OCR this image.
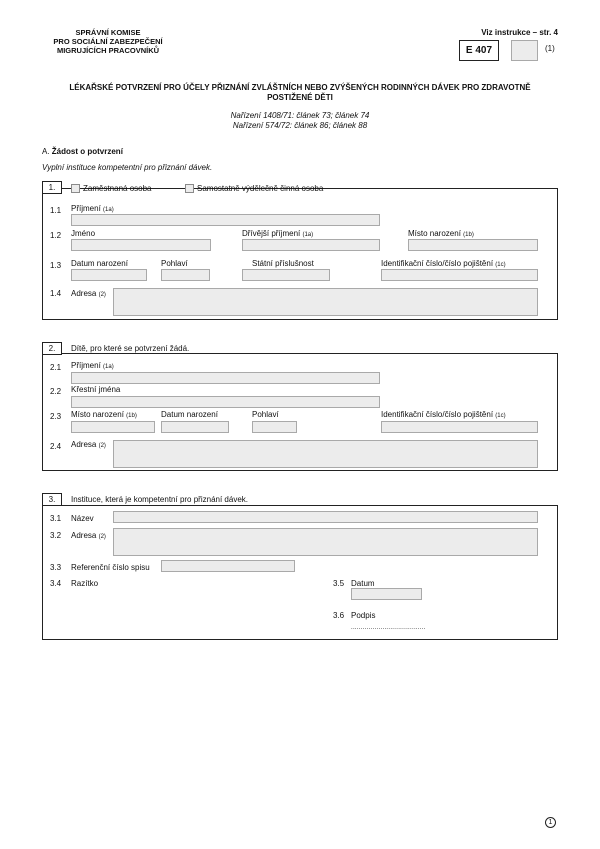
SPRÁVNÍ KOMISE
PRO SOCIÁLNÍ ZABEZPEČENÍ
MIGRUJÍCÍCH PRACOVNÍKŮ
Viz instrukce – str. 4
E 407	(1)
LÉKAŘSKÉ POTVRZENÍ PRO ÚČELY PŘIZNÁNÍ ZVLÁŠTNÍCH NEBO ZVÝŠENÝCH RODINNÝCH DÁVEK PRO ZDRAVOTNĚ
POSTIŽENÉ DĚTI
Nařízení 1408/71: článek 73; článek 74
Nařízení 574/72: článek 86; článek 88
A. Žádost o potvrzení
Vyplní instituce kompetentní pro přiznání dávek.
1.	Zaměstnaná osoba	Samostatně výdělečně činná osoba
1.1 Příjmení (1a)
1.2 Jméno	Dřívější příjmení (1a)	Místo narození (1b)
1.3 Datum narození	Pohlaví	Státní příslušnost	Identifikační číslo/číslo pojištění (1c)
1.4 Adresa (2)
2.	Dítě, pro které se potvrzení žádá.
2.1 Příjmení (1a)
2.2 Křestní jména
2.3 Místo narození (1b)	Datum narození	Pohlaví	Identifikační číslo/číslo pojištění (1c)
2.4 Adresa (2)
3.	Instituce, která je kompetentní pro přiznání dávek.
3.1 Název
3.2 Adresa (2)
3.3 Referenční číslo spisu
3.4 Razítko	3.5 Datum
3.6 Podpis
......................................
1
